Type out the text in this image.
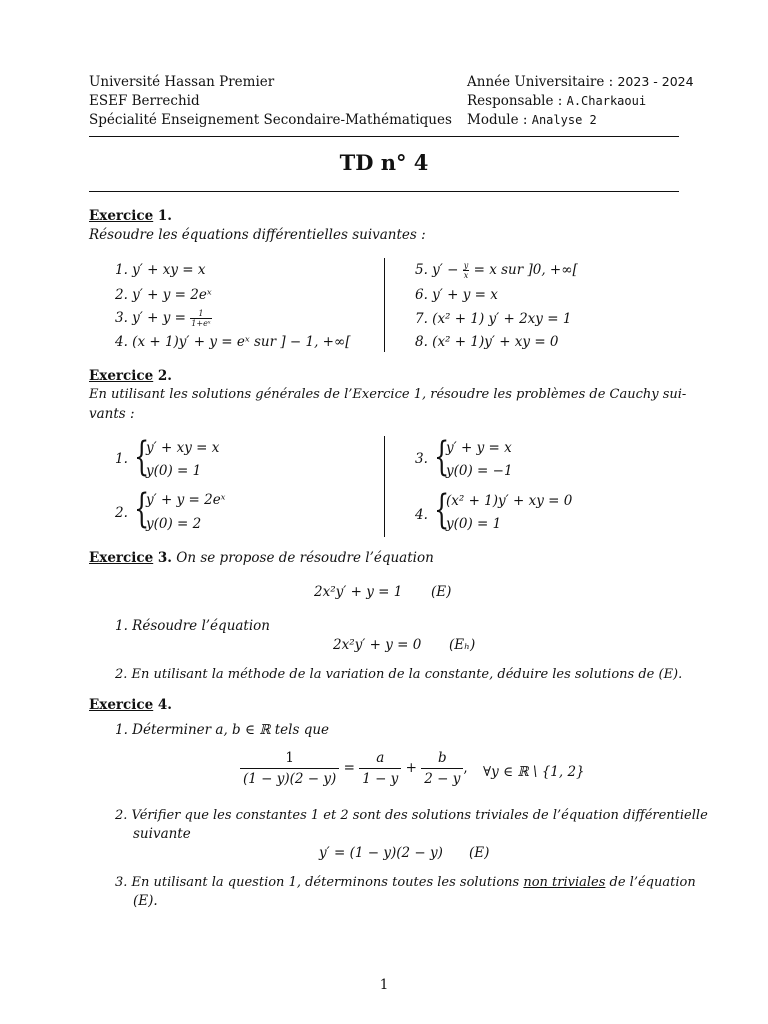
Université Hassan Premier
ESEF Berrechid
Spécialité Enseignement Secondaire-Mathématiques
Année Universitaire : 2023 - 2024
Responsable : A.Charkaoui
Module : Analyse 2
TD n° 4
Exercice 1.
Résoudre les équations différentielles suivantes :
1. y′ + xy = x
2. y′ + y = 2eˣ
3. $y' + y = \frac{1}{\text{1+eˣ}}$
4. (x + 1)y′ + y = eˣ sur ] − 1, +∞[
5. $y' - \frac{y}{x} = x$ sur ]0, +∞[
6. y′ + y = x
7. (x² + 1) y′ + 2xy = 1
8. (x² + 1)y′ + xy = 0
Exercice 2.
En utilisant les solutions générales de l’Exercice 1, résoudre les problèmes de Cauchy sui-
vants :
1. {
y′ + xy = x
y(0) = 1
2. {
y′ + y = 2eˣ
y(0) = 2
3. {
y′ + y = x
y(0) = −1
4. {
(x² + 1)y′ + xy = 0
y(0) = 1
Exercice 3. On se propose de résoudre l’équation
2x²y′ + y = 1 (E)
1. Résoudre l’équation
2x²y′ + y = 0 (Eₕ)
2. En utilisant la méthode de la variation de la constante, déduire les solutions de (E).
Exercice 4.
1. Déterminer a, b ∈ ℝ tels que
$\frac{1}{(1 - y)(2 - y)} = \frac{a}{1 - y} + \frac{b}{2 - y}$ , ∀y ∈ ℝ \ {1, 2}
2. Vérifier que les constantes 1 et 2 sont des solutions triviales de l’équation différentielle
suivante
y′ = (1 − y)(2 − y) (E)
3. En utilisant la question 1, déterminons toutes les solutions non triviales de l’équation
(E).
1
